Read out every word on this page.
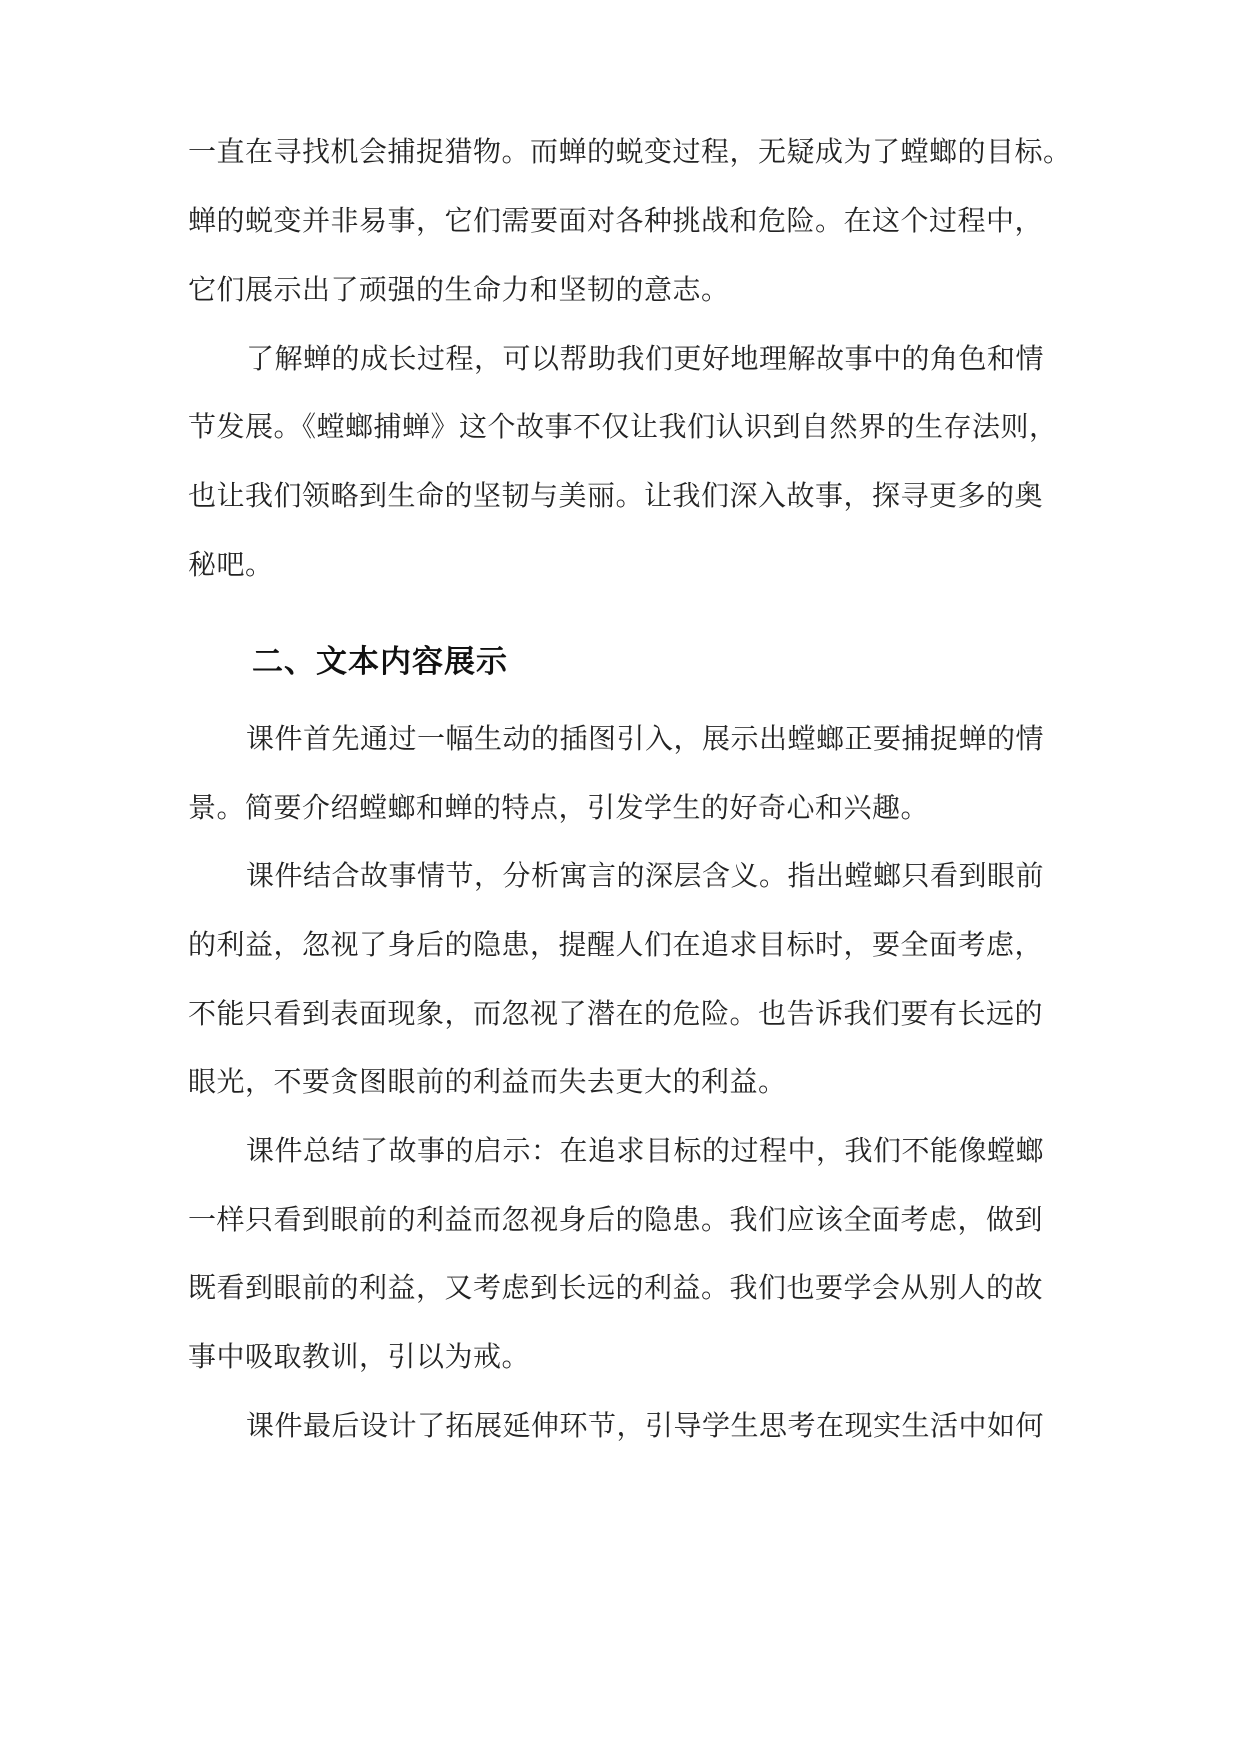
一直在寻找机会捕捉猎物。而蝉的蜕变过程，无疑成为了螳螂的目标。

蝉的蜕变并非易事，它们需要面对各种挑战和危险。在这个过程中，

它们展示出了顽强的生命力和坚韧的意志。

了解蝉的成长过程，可以帮助我们更好地理解故事中的角色和情

节发展。《螳螂捕蝉》这个故事不仅让我们认识到自然界的生存法则，

也让我们领略到生命的坚韧与美丽。让我们深入故事，探寻更多的奥

秘吧。

二、文本内容展示

课件首先通过一幅生动的插图引入，展示出螳螂正要捕捉蝉的情

景。简要介绍螳螂和蝉的特点，引发学生的好奇心和兴趣。

课件结合故事情节，分析寓言的深层含义。指出螳螂只看到眼前

的利益，忽视了身后的隐患，提醒人们在追求目标时，要全面考虑，

不能只看到表面现象，而忽视了潜在的危险。也告诉我们要有长远的

眼光，不要贪图眼前的利益而失去更大的利益。

课件总结了故事的启示：在追求目标的过程中，我们不能像螳螂

一样只看到眼前的利益而忽视身后的隐患。我们应该全面考虑，做到

既看到眼前的利益，又考虑到长远的利益。我们也要学会从别人的故

事中吸取教训，引以为戒。

课件最后设计了拓展延伸环节，引导学生思考在现实生活中如何
